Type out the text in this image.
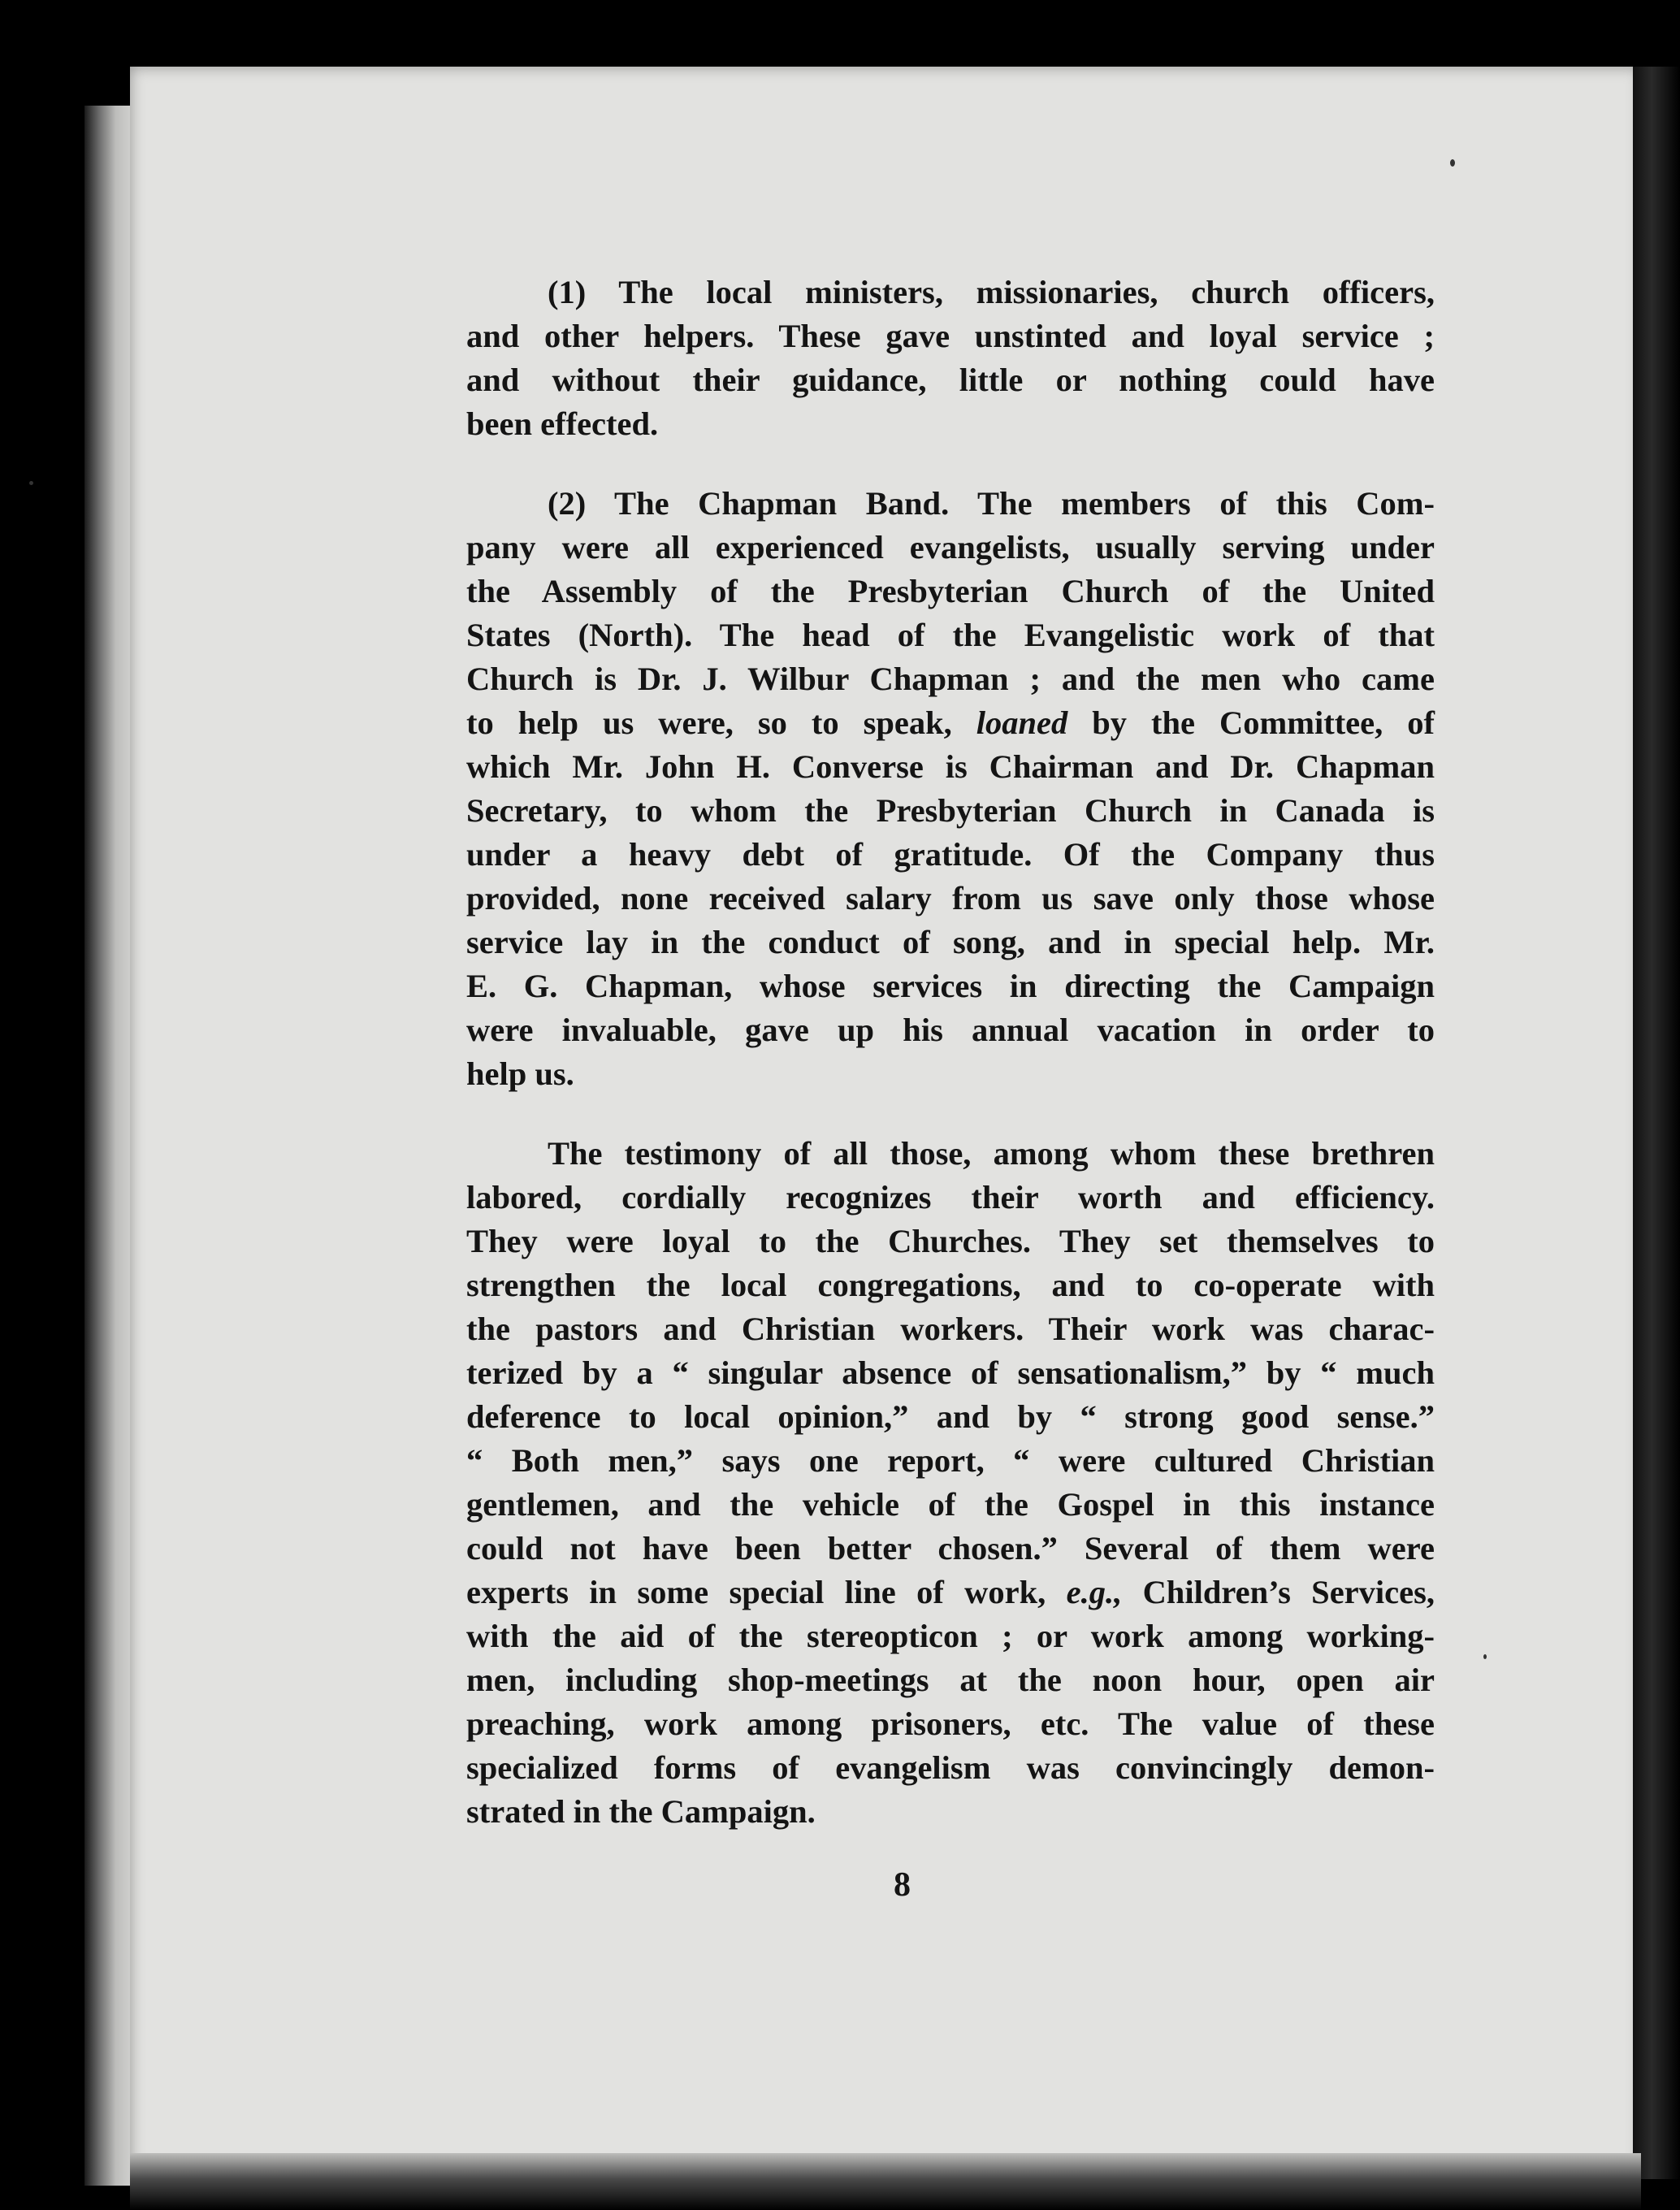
(1) The local ministers, missionaries, church officers,
and other helpers. These gave unstinted and loyal service ;
and without their guidance, little or nothing could have
been effected.
(2) The Chapman Band. The members of this Com-
pany were all experienced evangelists, usually serving under
the Assembly of the Presbyterian Church of the United
States (North). The head of the Evangelistic work of that
Church is Dr. J. Wilbur Chapman ; and the men who came
to help us were, so to speak, loaned by the Committee, of
which Mr. John H. Converse is Chairman and Dr. Chapman
Secretary, to whom the Presbyterian Church in Canada is
under a heavy debt of gratitude. Of the Company thus
provided, none received salary from us save only those whose
service lay in the conduct of song, and in special help. Mr.
E. G. Chapman, whose services in directing the Campaign
were invaluable, gave up his annual vacation in order to
help us.
The testimony of all those, among whom these brethren
labored, cordially recognizes their worth and efficiency.
They were loyal to the Churches. They set themselves to
strengthen the local congregations, and to co-operate with
the pastors and Christian workers. Their work was charac-
terized by a “ singular absence of sensationalism,” by “ much
deference to local opinion,” and by “ strong good sense.”
“ Both men,” says one report, “ were cultured Christian
gentlemen, and the vehicle of the Gospel in this instance
could not have been better chosen.” Several of them were
experts in some special line of work, e.g., Children’s Services,
with the aid of the stereopticon ; or work among working-
men, including shop-meetings at the noon hour, open air
preaching, work among prisoners, etc. The value of these
specialized forms of evangelism was convincingly demon-
strated in the Campaign.
8
